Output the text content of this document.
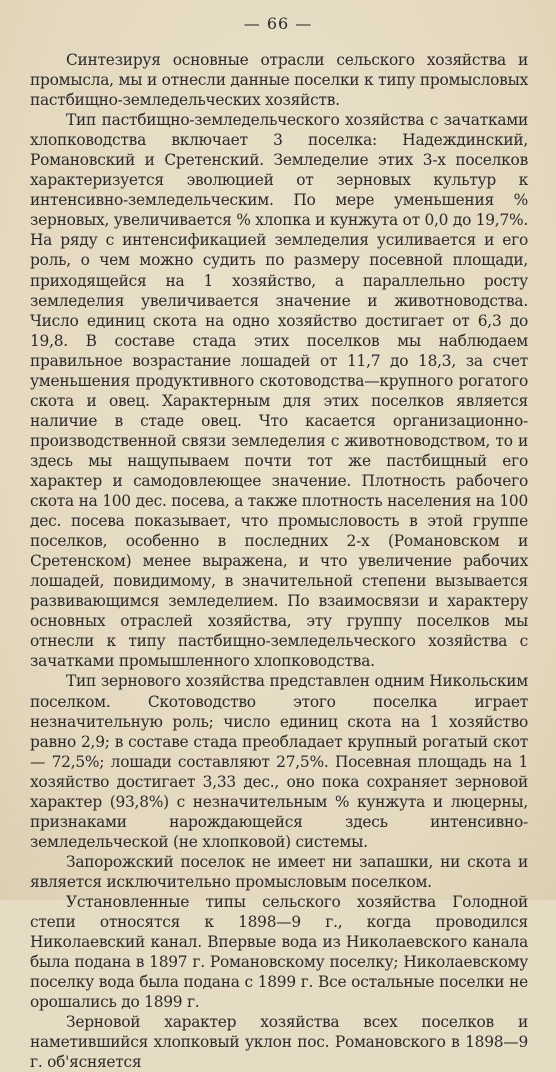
— 66 —

Синтезируя основные отрасли сельского хозяйства и промысла, мы и отнесли данные поселки к типу промысловых пастбищно-земледельческих хозяйств.

Тип пастбищно-земледельческого хозяйства с зачатками хлопководства включает 3 поселка: Надеждинский, Романовский и Сретенский. Земледелие этих 3-х поселков характеризуется эволюцией от зерновых культур к интенсивно-земледельческим. По мере уменьшения % зерновых, увеличивается % хлопка и кунжута от 0,0 до 19,7%. На ряду с интенсификацией земледелия усиливается и его роль, о чем можно судить по размеру посевной площади, приходящейся на 1 хозяйство, а параллельно росту земледелия увеличивается значение и животноводства. Число единиц скота на одно хозяйство достигает от 6,3 до 19,8. В составе стада этих поселков мы наблюдаем правильное возрастание лошадей от 11,7 до 18,3, за счет уменьшения продуктивного скотоводства—крупного рогатого скота и овец. Характерным для этих поселков является наличие в стаде овец. Что касается организационно-производственной связи земледелия с животноводством, то и здесь мы нащупываем почти тот же пастбищный его характер и самодовлеющее значение. Плотность рабочего скота на 100 дес. посева, а также плотность населения на 100 дес. посева показывает, что промысловость в этой группе поселков, особенно в последних 2-х (Романовском и Сретенском) менее выражена, и что увеличение рабочих лошадей, повидимому, в значительной степени вызывается развивающимся земледелием. По взаимосвязи и характеру основных отраслей хозяйства, эту группу поселков мы отнесли к типу пастбищно-земледельческого хозяйства с зачатками промышленного хлопководства.

Тип зернового хозяйства представлен одним Никольским поселком. Скотоводство этого поселка играет незначительную роль; число единиц скота на 1 хозяйство равно 2,9; в составе стада преобладает крупный рогатый скот — 72,5%; лошади составляют 27,5%. Посевная площадь на 1 хозяйство достигает 3,33 дес., оно пока сохраняет зерновой характер (93,8%) с незначительным % кунжута и люцерны, признаками нарождающейся здесь интенсивно-земледельческой (не хлопковой) системы.

Запорожский поселок не имеет ни запашки, ни скота и является исключительно промысловым поселком.

Установленные типы сельского хозяйства Голодной степи относятся к 1898—9 г., когда проводился Николаевский канал. Впервые вода из Николаевского канала была подана в 1897 г. Романовскому поселку; Николаевскому поселку вода была подана с 1899 г. Все остальные поселки не орошались до 1899 г.

Зерновой характер хозяйства всех поселков и наметившийся хлопковый уклон пос. Романовского в 1898—9 г. об'ясняется
